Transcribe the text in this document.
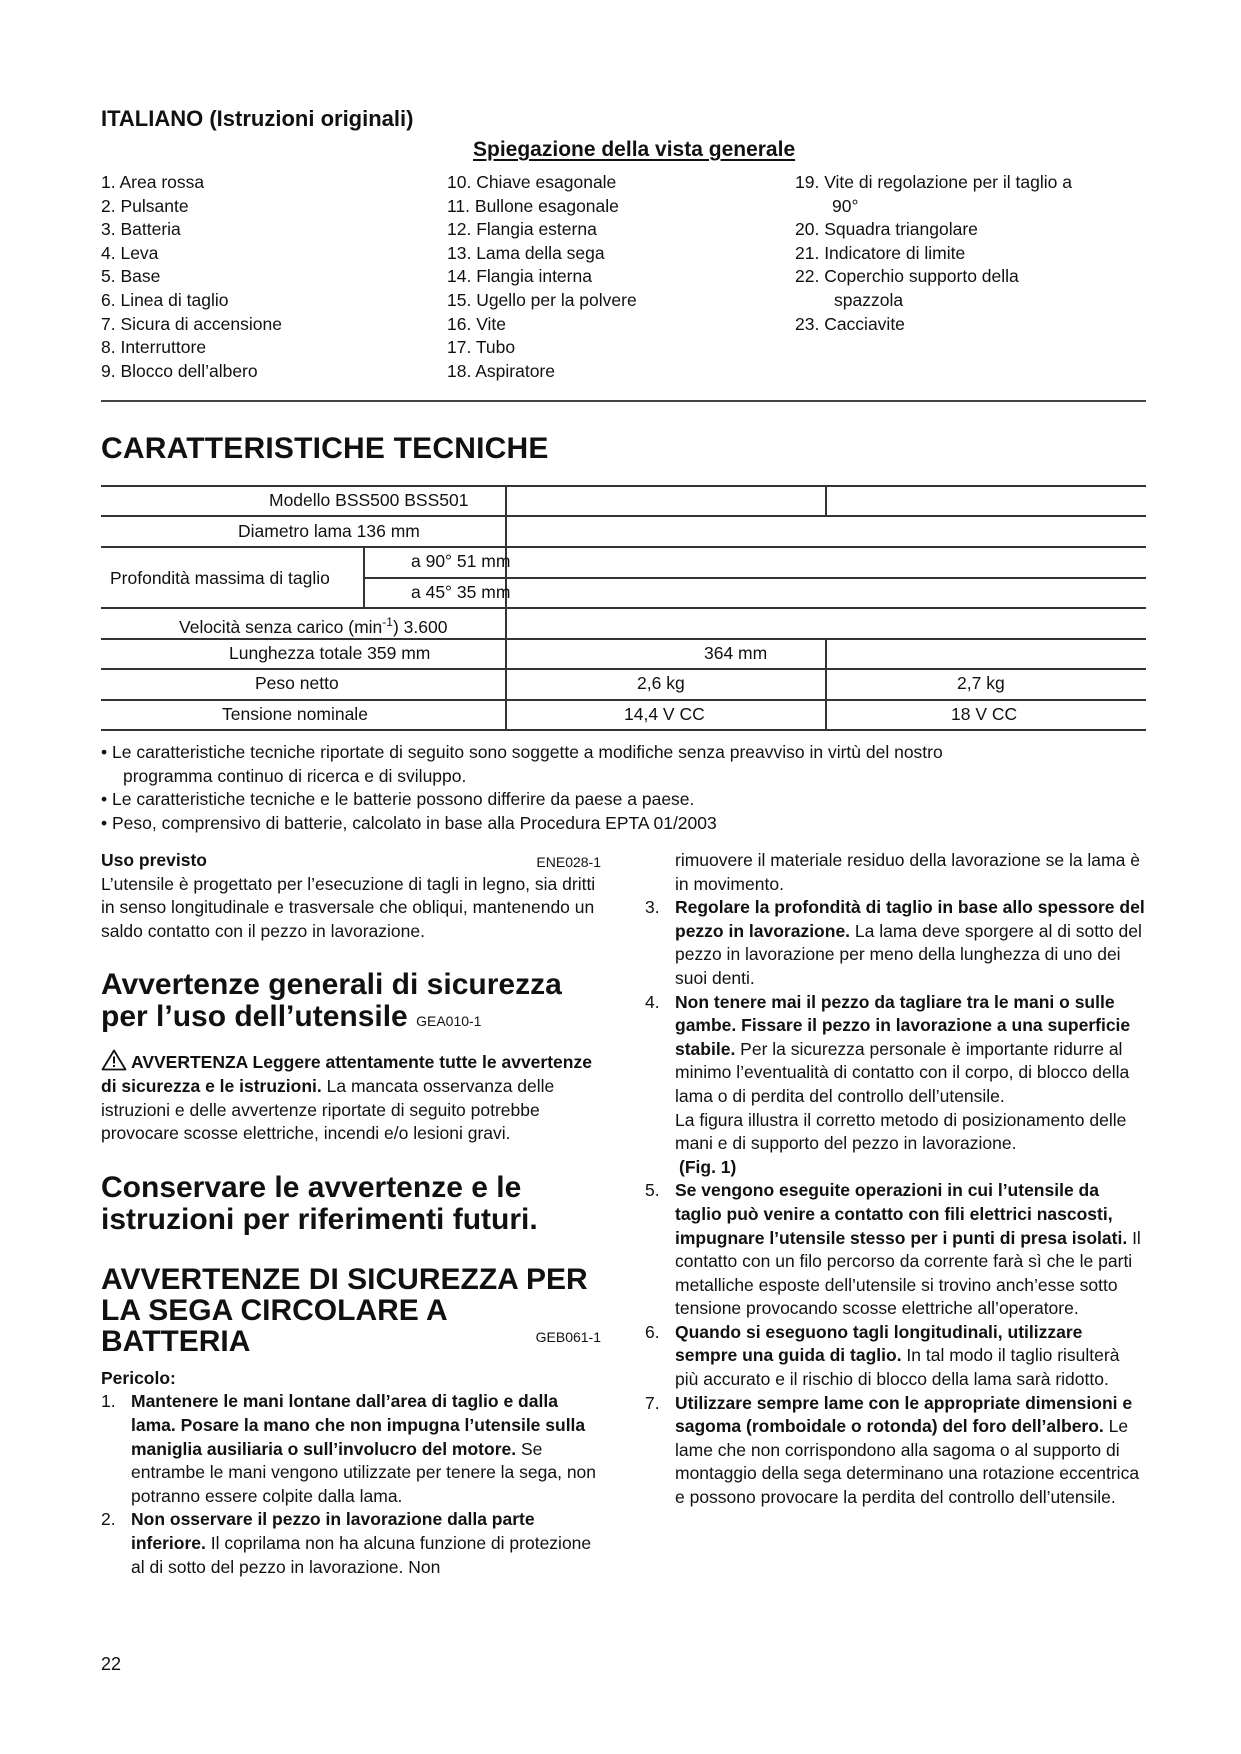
ITALIANO (Istruzioni originali)
Spiegazione della vista generale
1. Area rossa
2. Pulsante
3. Batteria
4. Leva
5. Base
6. Linea di taglio
7. Sicura di accensione
8. Interruttore
9. Blocco dell’albero
10. Chiave esagonale
11. Bullone esagonale
12. Flangia esterna
13. Lama della sega
14. Flangia interna
15. Ugello per la polvere
16. Vite
17. Tubo
18. Aspiratore
19. Vite di regolazione per il taglio a
90°
20. Squadra triangolare
21. Indicatore di limite
22. Coperchio supporto della
spazzola
23. Cacciavite
CARATTERISTICHE TECNICHE
Modello BSS500 BSS501
Diametro lama 136 mm
Profondità massima di taglio
a 90° 51 mm
a 45° 35 mm
Velocità senza carico $(\min^{-1})$ 3.600
Lunghezza totale 359 mm	364 mm
Peso netto	2,6 kg	2,7 kg
Tensione nominale	14,4 V CC	18 V CC
• Le caratteristiche tecniche riportate di seguito sono soggette a modifiche senza preavviso in virtù del nostro
programma continuo di ricerca e di sviluppo.
• Le caratteristiche tecniche e le batterie possono differire da paese a paese.
• Peso, comprensivo di batterie, calcolato in base alla Procedura EPTA 01/2003
Uso previsto	ENE028-1
L’utensile è progettato per l’esecuzione di tagli in legno, sia dritti in senso longitudinale e trasversale che obliqui, mantenendo un saldo contatto con il pezzo in lavorazione.
Avvertenze generali di sicurezza
per l’uso dell’utensile GEA010-1
AVVERTENZA Leggere attentamente tutte le avvertenze di sicurezza e le istruzioni. La mancata osservanza delle istruzioni e delle avvertenze riportate di seguito potrebbe provocare scosse elettriche, incendi e/o lesioni gravi.
Conservare le avvertenze e le
istruzioni per riferimenti futuri.
AVVERTENZE DI SICUREZZA PER
LA SEGA CIRCOLARE A
BATTERIA	GEB061-1
Pericolo:
1. Mantenere le mani lontane dall’area di taglio e dalla lama. Posare la mano che non impugna l’utensile sulla maniglia ausiliaria o sull’involucro del motore. Se entrambe le mani vengono utilizzate per tenere la sega, non potranno essere colpite dalla lama.
2. Non osservare il pezzo in lavorazione dalla parte inferiore. Il coprilama non ha alcuna funzione di protezione al di sotto del pezzo in lavorazione. Non
rimuovere il materiale residuo della lavorazione se la lama è in movimento.
3. Regolare la profondità di taglio in base allo spessore del pezzo in lavorazione. La lama deve sporgere al di sotto del pezzo in lavorazione per meno della lunghezza di uno dei suoi denti.
4. Non tenere mai il pezzo da tagliare tra le mani o sulle gambe. Fissare il pezzo in lavorazione a una superficie stabile. Per la sicurezza personale è importante ridurre al minimo l’eventualità di contatto con il corpo, di blocco della lama o di perdita del controllo dell’utensile.
La figura illustra il corretto metodo di posizionamento delle mani e di supporto del pezzo in lavorazione.
(Fig. 1)
5. Se vengono eseguite operazioni in cui l’utensile da taglio può venire a contatto con fili elettrici nascosti, impugnare l’utensile stesso per i punti di presa isolati. Il contatto con un filo percorso da corrente farà sì che le parti metalliche esposte dell’utensile si trovino anch’esse sotto tensione provocando scosse elettriche all’operatore.
6. Quando si eseguono tagli longitudinali, utilizzare sempre una guida di taglio. In tal modo il taglio risulterà più accurato e il rischio di blocco della lama sarà ridotto.
7. Utilizzare sempre lame con le appropriate dimensioni e sagoma (romboidale o rotonda) del foro dell’albero. Le lame che non corrispondono alla sagoma o al supporto di montaggio della sega determinano una rotazione eccentrica e possono provocare la perdita del controllo dell’utensile.
22
